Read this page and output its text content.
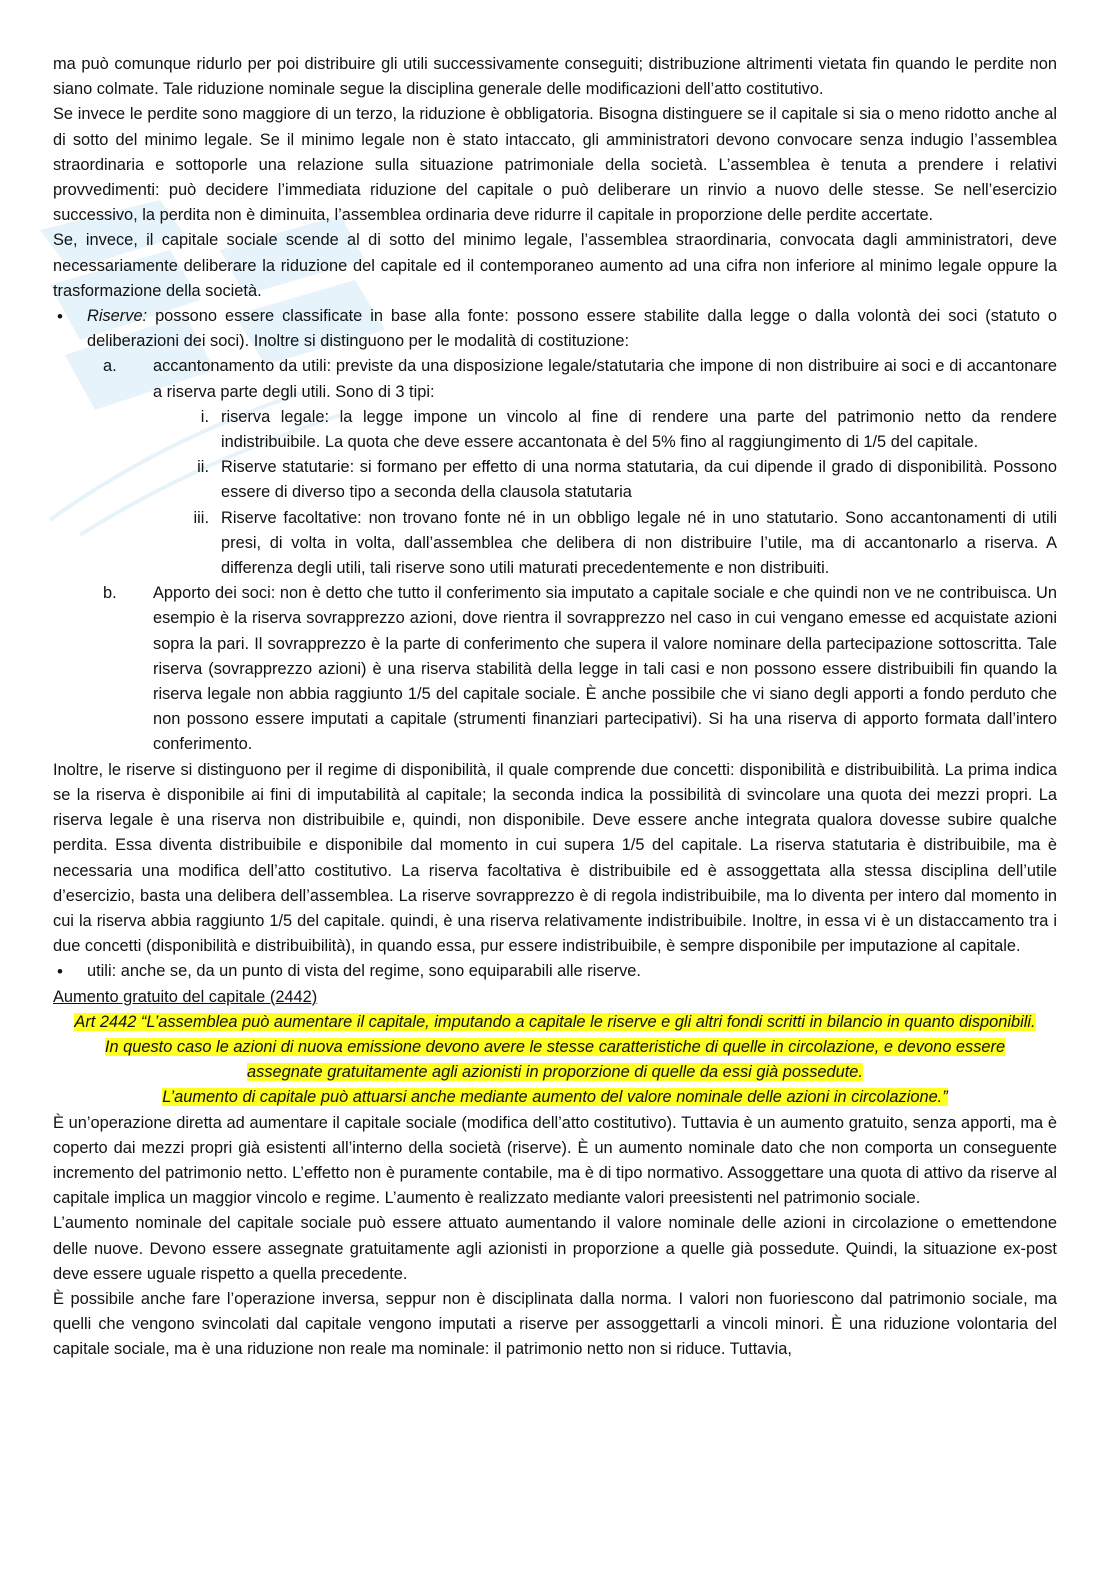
ma può comunque ridurlo per poi distribuire gli utili successivamente conseguiti; distribuzione altrimenti vietata fin quando le perdite non siano colmate. Tale riduzione nominale segue la disciplina generale delle modificazioni dell’atto costitutivo.

Se invece le perdite sono maggiore di un terzo, la riduzione è obbligatoria. Bisogna distinguere se il capitale si sia o meno ridotto anche al di sotto del minimo legale. Se il minimo legale non è stato intaccato, gli amministratori devono convocare senza indugio l’assemblea straordinaria e sottoporle una relazione sulla situazione patrimoniale della società. L’assemblea è tenuta a prendere i relativi provvedimenti: può decidere l’immediata riduzione del capitale o può deliberare un rinvio a nuovo delle stesse. Se nell’esercizio successivo, la perdita non è diminuita, l’assemblea ordinaria deve ridurre il capitale in proporzione delle perdite accertate.

Se, invece, il capitale sociale scende al di sotto del minimo legale, l’assemblea straordinaria, convocata dagli amministratori, deve necessariamente deliberare la riduzione del capitale ed il contemporaneo aumento ad una cifra non inferiore al minimo legale oppure la trasformazione della società.

• Riserve: possono essere classificate in base alla fonte: possono essere stabilite dalla legge o dalla volontà dei soci (statuto o deliberazioni dei soci). Inoltre si distinguono per le modalità di costituzione:
a. accantonamento da utili: previste da una disposizione legale/statutaria che impone di non distribuire ai soci e di accantonare a riserva parte degli utili. Sono di 3 tipi:
i. riserva legale: la legge impone un vincolo al fine di rendere una parte del patrimonio netto da rendere indistribuibile. La quota che deve essere accantonata è del 5% fino al raggiungimento di 1/5 del capitale.
ii. Riserve statutarie: si formano per effetto di una norma statutaria, da cui dipende il grado di disponibilità. Possono essere di diverso tipo a seconda della clausola statutaria
iii. Riserve facoltative: non trovano fonte né in un obbligo legale né in uno statutario. Sono accantonamenti di utili presi, di volta in volta, dall’assemblea che delibera di non distribuire l’utile, ma di accantonarlo a riserva. A differenza degli utili, tali riserve sono utili maturati precedentemente e non distribuiti.
b. Apporto dei soci: non è detto che tutto il conferimento sia imputato a capitale sociale e che quindi non ve ne contribuisca. Un esempio è la riserva sovrapprezzo azioni, dove rientra il sovrapprezzo nel caso in cui vengano emesse ed acquistate azioni sopra la pari. Il sovrapprezzo è la parte di conferimento che supera il valore nominare della partecipazione sottoscritta. Tale riserva (sovrapprezzo azioni) è una riserva stabilità della legge in tali casi e non possono essere distribuibili fin quando la riserva legale non abbia raggiunto 1/5 del capitale sociale. È anche possibile che vi siano degli apporti a fondo perduto che non possono essere imputati a capitale (strumenti finanziari partecipativi). Si ha una riserva di apporto formata dall’intero conferimento.

Inoltre, le riserve si distinguono per il regime di disponibilità, il quale comprende due concetti: disponibilità e distribuibilità. La prima indica se la riserva è disponibile ai fini di imputabilità al capitale; la seconda indica la possibilità di svincolare una quota dei mezzi propri. La riserva legale è una riserva non distribuibile e, quindi, non disponibile. Deve essere anche integrata qualora dovesse subire qualche perdita. Essa diventa distribuibile e disponibile dal momento in cui supera 1/5 del capitale. La riserva statutaria è distribuibile, ma è necessaria una modifica dell’atto costitutivo. La riserva facoltativa è distribuibile ed è assoggettata alla stessa disciplina dell’utile d’esercizio, basta una delibera dell’assemblea. La riserve sovrapprezzo è di regola indistribuibile, ma lo diventa per intero dal momento in cui la riserva abbia raggiunto 1/5 del capitale. quindi, è una riserva relativamente indistribuibile. Inoltre, in essa vi è un distaccamento tra i due concetti (disponibilità e distribuibilità), in quando essa, pur essere indistribuibile, è sempre disponibile per imputazione al capitale.

• utili: anche se, da un punto di vista del regime, sono equiparabili alle riserve.

Aumento gratuito del capitale (2442)

Art 2442 “L’assemblea può aumentare il capitale, imputando a capitale le riserve e gli altri fondi scritti in bilancio in quanto disponibili.
In questo caso le azioni di nuova emissione devono avere le stesse caratteristiche di quelle in circolazione, e devono essere assegnate gratuitamente agli azionisti in proporzione di quelle da essi già possedute.
L’aumento di capitale può attuarsi anche mediante aumento del valore nominale delle azioni in circolazione.”

È un’operazione diretta ad aumentare il capitale sociale (modifica dell’atto costitutivo). Tuttavia è un aumento gratuito, senza apporti, ma è coperto dai mezzi propri già esistenti all’interno della società (riserve). È un aumento nominale dato che non comporta un conseguente incremento del patrimonio netto. L’effetto non è puramente contabile, ma è di tipo normativo. Assoggettare una quota di attivo da riserve al capitale implica un maggior vincolo e regime. L’aumento è realizzato mediante valori preesistenti nel patrimonio sociale.

L’aumento nominale del capitale sociale può essere attuato aumentando il valore nominale delle azioni in circolazione o emettendone delle nuove. Devono essere assegnate gratuitamente agli azionisti in proporzione a quelle già possedute. Quindi, la situazione ex-post deve essere uguale rispetto a quella precedente.

È possibile anche fare l’operazione inversa, seppur non è disciplinata dalla norma. I valori non fuoriescono dal patrimonio sociale, ma quelli che vengono svincolati dal capitale vengono imputati a riserve per assoggettarli a vincoli minori. È una riduzione volontaria del capitale sociale, ma è una riduzione non reale ma nominale: il patrimonio netto non si riduce. Tuttavia,
